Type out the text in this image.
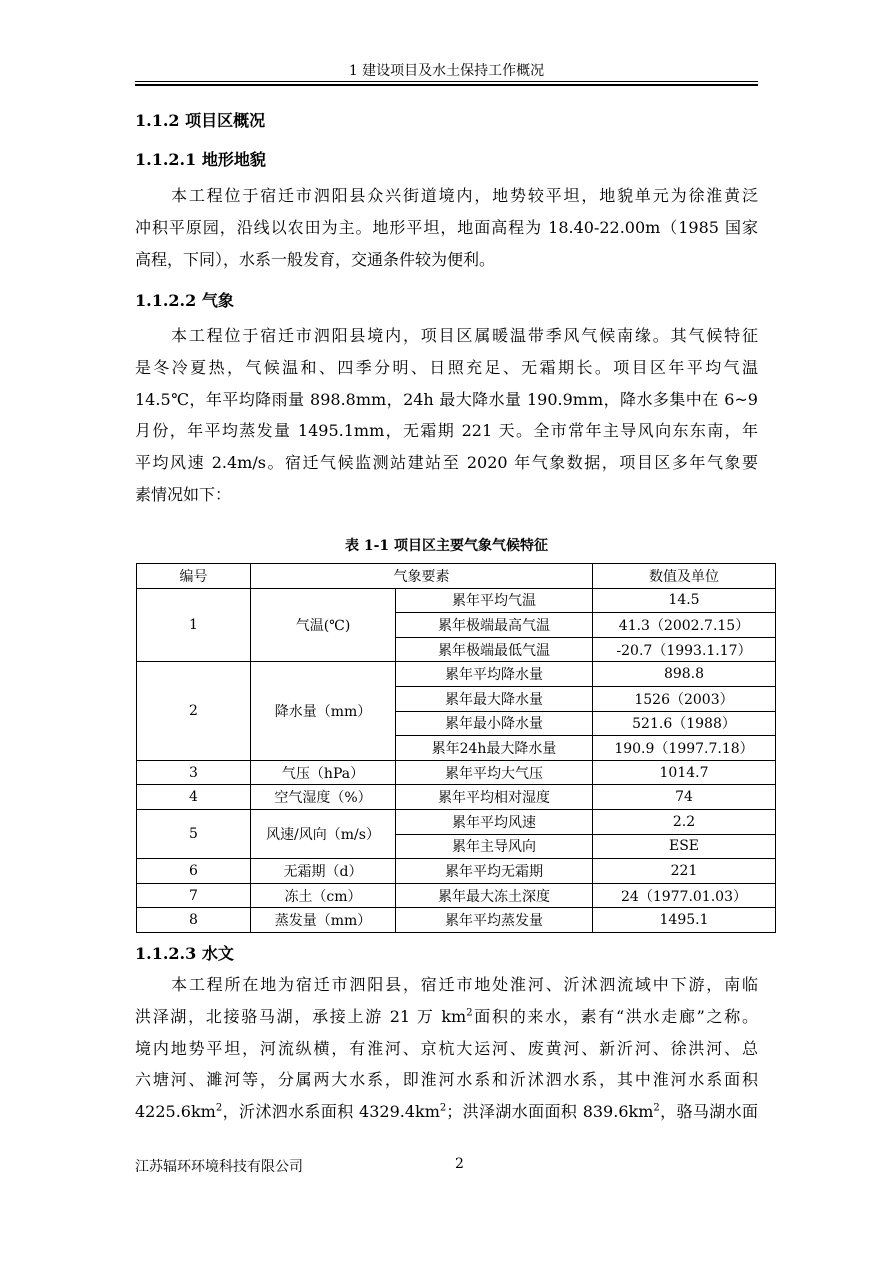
1 建设项目及水土保持工作概况
1.1.2 项目区概况
1.1.2.1 地形地貌
本工程位于宿迁市泗阳县众兴街道境内，地势较平坦，地貌单元为徐淮黄泛
冲积平原园，沿线以农田为主。地形平坦，地面高程为 18.40-22.00m（1985 国家
高程，下同），水系一般发育，交通条件较为便利。
1.1.2.2 气象
本工程位于宿迁市泗阳县境内，项目区属暖温带季风气候南缘。其气候特征
是冬冷夏热，气候温和、四季分明、日照充足、无霜期长。项目区年平均气温
14.5℃，年平均降雨量 898.8mm，24h 最大降水量 190.9mm，降水多集中在 6~9
月份，年平均蒸发量 1495.1mm，无霜期 221 天。全市常年主导风向东东南，年
平均风速 2.4m/s。宿迁气候监测站建站至 2020 年气象数据，项目区多年气象要
素情况如下：
表 1-1 项目区主要气象气候特征
编号	气象要素		数值及单位
1	气温(℃)	累年平均气温	14.5
		累年极端最高气温	41.3（2002.7.15）
		累年极端最低气温	-20.7（1993.1.17）
2	降水量（mm）	累年平均降水量	898.8
		累年最大降水量	1526（2003）
		累年最小降水量	521.6（1988）
		累年24h最大降水量	190.9（1997.7.18）
3	气压（hPa）	累年平均大气压	1014.7
4	空气湿度（%）	累年平均相对湿度	74
5	风速/风向（m/s）	累年平均风速	2.2
		累年主导风向	ESE
6	无霜期（d）	累年平均无霜期	221
7	冻土（cm）	累年最大冻土深度	24（1977.01.03）
8	蒸发量（mm）	累年平均蒸发量	1495.1
1.1.2.3 水文
本工程所在地为宿迁市泗阳县，宿迁市地处淮河、沂沭泗流域中下游，南临
洪泽湖，北接骆马湖，承接上游 21 万 $km^2$面积的来水，素有“洪水走廊”之称。
境内地势平坦，河流纵横，有淮河、京杭大运河、废黄河、新沂河、徐洪河、总
六塘河、濉河等，分属两大水系，即淮河水系和沂沭泗水系，其中淮河水系面积
$4225.6km^2$，沂沭泗水系面积 $4329.4km^2$；洪泽湖水面面积 $839.6km^2$，骆马湖水面
江苏辐环环境科技有限公司	2
